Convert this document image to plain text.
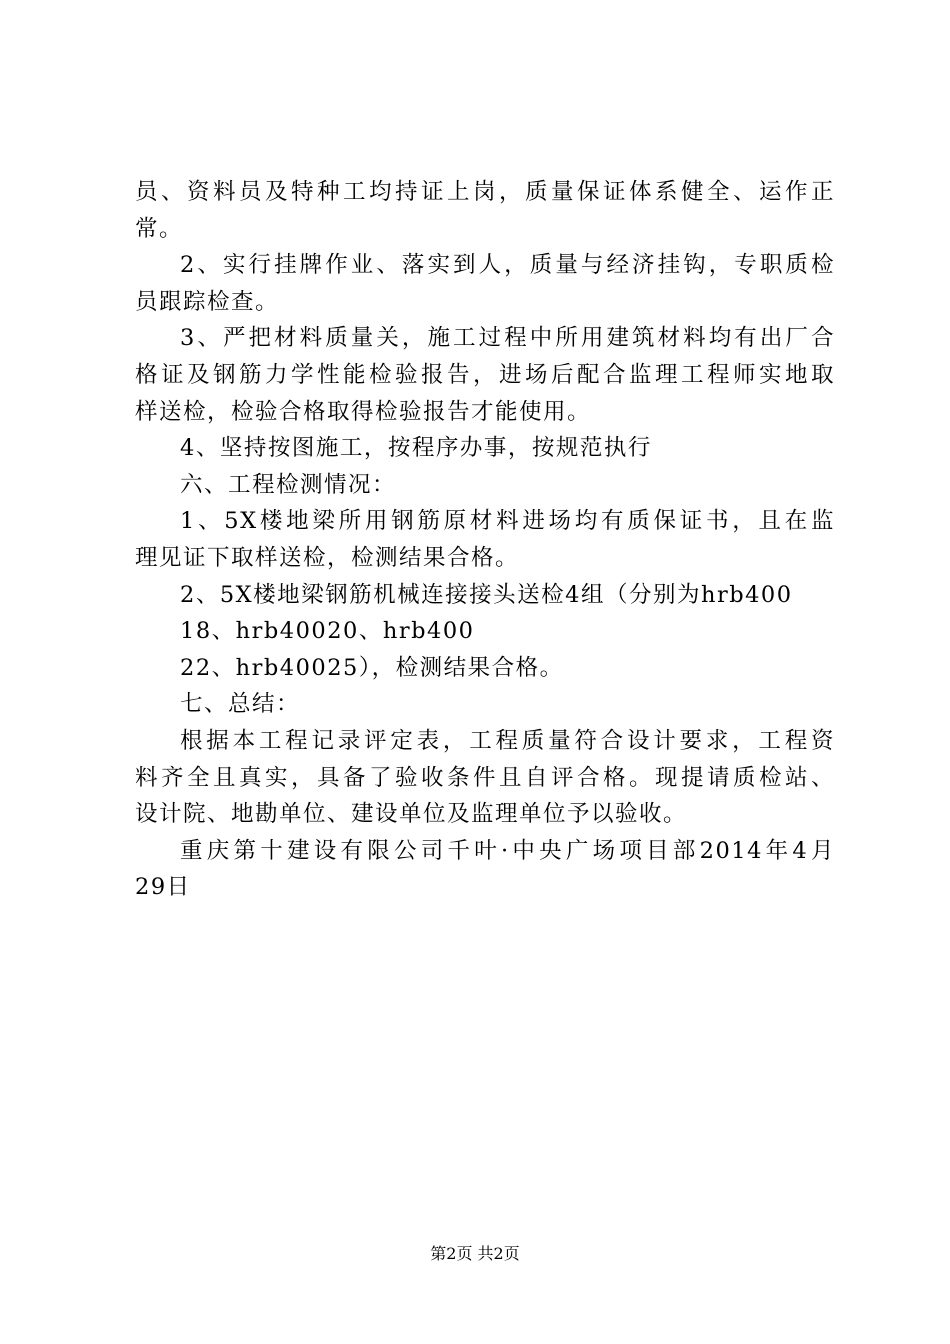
员、资料员及特种工均持证上岗，质量保证体系健全、运作正
常。
2、实行挂牌作业、落实到人，质量与经济挂钩，专职质检
员跟踪检查。
3、严把材料质量关，施工过程中所用建筑材料均有出厂合
格证及钢筋力学性能检验报告，进场后配合监理工程师实地取
样送检，检验合格取得检验报告才能使用。
4、坚持按图施工，按程序办事，按规范执行
六、工程检测情况：
1、5X楼地梁所用钢筋原材料进场均有质保证书，且在监
理见证下取样送检，检测结果合格。
2、5X楼地梁钢筋机械连接接头送检4组（分别为hrb400
18、hrb40020、hrb400
22、hrb40025），检测结果合格。
七、总结：
根据本工程记录评定表，工程质量符合设计要求，工程资
料齐全且真实，具备了验收条件且自评合格。现提请质检站、
设计院、地勘单位、建设单位及监理单位予以验收。
重庆第十建设有限公司千叶·中央广场项目部2014年4月
29日
第2页 共2页
